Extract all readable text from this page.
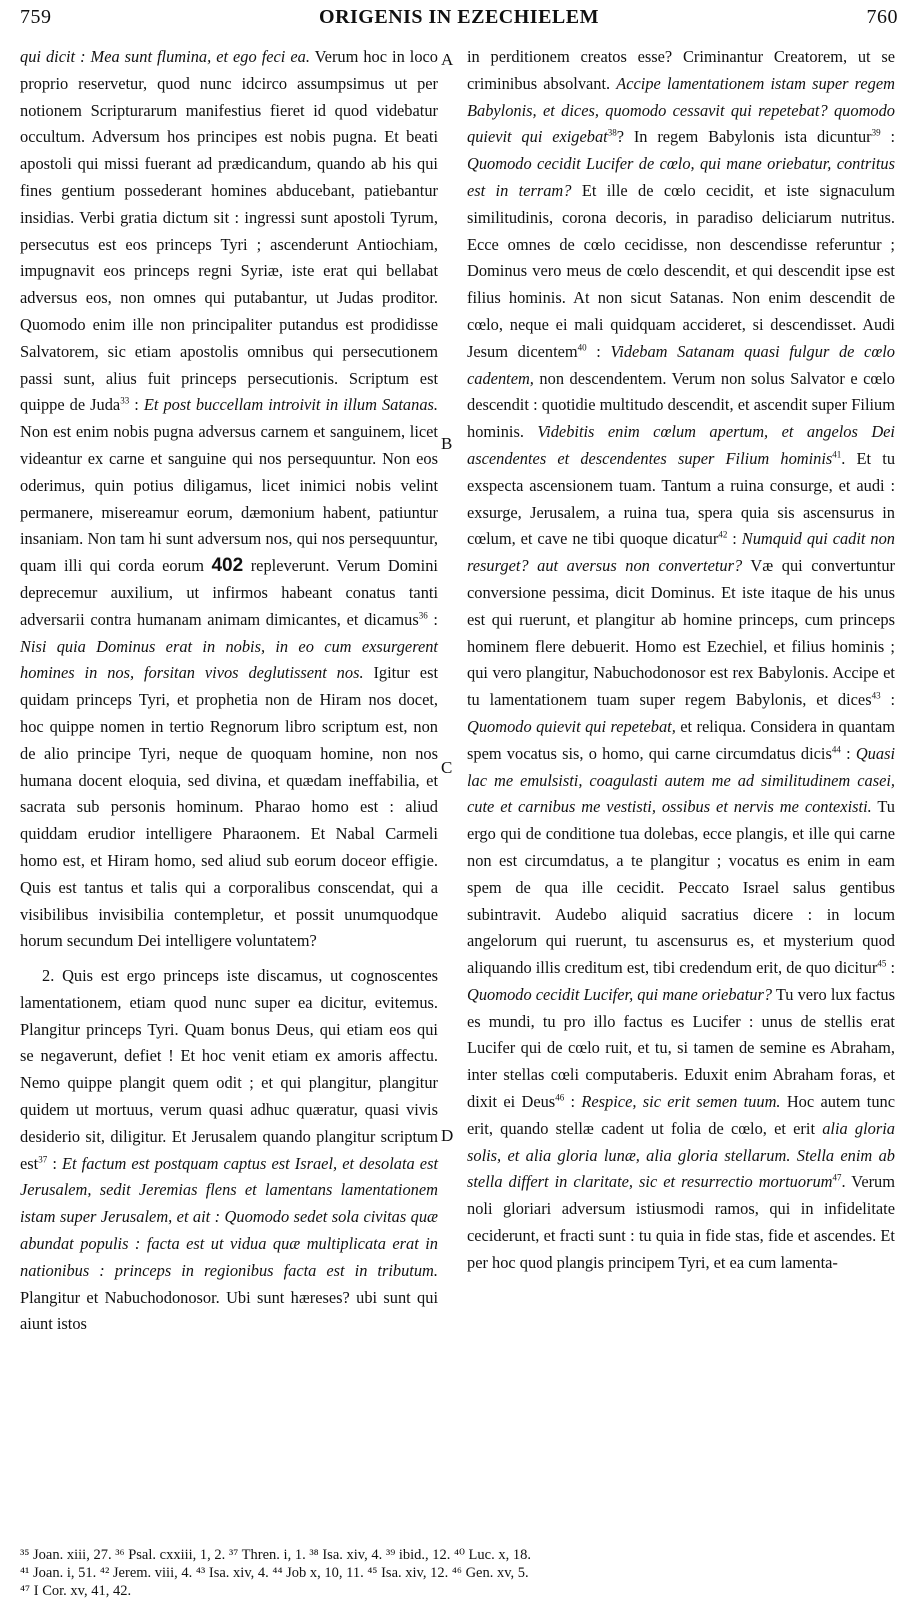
759	ORIGENIS IN EZECHIELEM	760
A
B
C
D

qui dicit : Mea sunt flumina, et ego feci ea. Verum hoc in loco proprio reservetur, quod nunc idcirco assumpsimus ut per notionem Scripturarum manifestius fieret id quod videbatur occultum. Adversum hos principes est nobis pugna. Et beati apostoli qui missi fuerant ad prædicandum, quando ab his qui fines gentium possederant homines abducebant, patiebantur insidias. Verbi gratia dictum sit : ingressi sunt apostoli Tyrum, persecutus est eos princeps Tyri ; ascenderunt Antiochiam, impugnavit eos princeps regni Syriæ, iste erat qui bellabat adversus eos, non omnes qui putabantur, ut Judas proditor. Quomodo enim ille non principaliter putandus est prodidisse Salvatorem, sic etiam apostolis omnibus qui persecutionem passi sunt, alius fuit princeps persecutionis. Scriptum est quippe de Juda$^{33}$ : Et post buccellam introivit in illum Satanas. Non est enim nobis pugna adversus carnem et sanguinem, licet videantur ex carne et sanguine qui nos persequuntur. Non eos oderimus, quin potius diligamus, licet inimici nobis velint permanere, misereamur eorum, dæmonium habent, patiuntur insaniam. Non tam hi sunt adversum nos, qui nos persequuntur, quam illi qui corda eorum 402 repleverunt. Verum Domini deprecemur auxilium, ut infirmos habeant conatus tanti adversarii contra humanam animam dimicantes, et dicamus$^{36}$ : Nisi quia Dominus erat in nobis, in eo cum exsurgerent homines in nos, forsitan vivos deglutissent nos. Igitur est quidam princeps Tyri, et prophetia non de Hiram nos docet, hoc quippe nomen in tertio Regnorum libro scriptum est, non de alio principe Tyri, neque de quoquam homine, non nos humana docent eloquia, sed divina, et quædam ineffabilia, et sacrata sub personis hominum. Pharao homo est : aliud quiddam erudior intelligere Pharaonem. Et Nabal Carmeli homo est, et Hiram homo, sed aliud sub eorum doceor effigie. Quis est tantus et talis qui a corporalibus conscendat, qui a visibilibus invisibilia contempletur, et possit unumquodque horum secundum Dei intelligere voluntatem?

2. Quis est ergo princeps iste discamus, ut cognoscentes lamentationem, etiam quod nunc super ea dicitur, evitemus. Plangitur princeps Tyri. Quam bonus Deus, qui etiam eos qui se negaverunt, defiet ! Et hoc venit etiam ex amoris affectu. Nemo quippe plangit quem odit ; et qui plangitur, plangitur quidem ut mortuus, verum quasi adhuc quæratur, quasi vivis desiderio sit, diligitur. Et Jerusalem quando plangitur scriptum est$^{37}$ : Et factum est postquam captus est Israel, et desolata est Jerusalem, sedit Jeremias flens et lamentans lamentationem istam super Jerusalem, et ait : Quomodo sedet sola civitas quæ abundat populis : facta est ut vidua quæ multiplicata erat in nationibus : princeps in regionibus facta est in tributum. Plangitur et Nabuchodonosor. Ubi sunt hæreses? ubi sunt qui aiunt istos

in perditionem creatos esse? Criminantur Creatorem, ut se criminibus absolvant. Accipe lamentationem istam super regem Babylonis, et dices, quomodo cessavit qui repetebat? quomodo quievit qui exigebat$^{38}$? In regem Babylonis ista dicuntur$^{39}$ : Quomodo cecidit Lucifer de cœlo, qui mane oriebatur, contritus est in terram? Et ille de cœlo cecidit, et iste signaculum similitudinis, corona decoris, in paradiso deliciarum nutritus. Ecce omnes de cœlo cecidisse, non descendisse referuntur ; Dominus vero meus de cœlo descendit, et qui descendit ipse est filius hominis. At non sicut Satanas. Non enim descendit de cœlo, neque ei mali quidquam accideret, si descendisset. Audi Jesum dicentem$^{40}$ : Videbam Satanam quasi fulgur de cœlo cadentem, non descendentem. Verum non solus Salvator e cœlo descendit : quotidie multitudo descendit, et ascendit super Filium hominis. Videbitis enim cœlum apertum, et angelos Dei ascendentes et descendentes super Filium hominis$^{41}$. Et tu exspecta ascensionem tuam. Tantum a ruina consurge, et audi : exsurge, Jerusalem, a ruina tua, spera quia sis ascensurus in cœlum, et cave ne tibi quoque dicatur$^{42}$ : Numquid qui cadit non resurget? aut aversus non convertetur? Væ qui convertuntur conversione pessima, dicit Dominus. Et iste itaque de his unus est qui ruerunt, et plangitur ab homine princeps, cum princeps hominem flere debuerit. Homo est Ezechiel, et filius hominis ; qui vero plangitur, Nabuchodonosor est rex Babylonis. Accipe et tu lamentationem tuam super regem Babylonis, et dices$^{43}$ : Quomodo quievit qui repetebat, et reliqua. Considera in quantam spem vocatus sis, o homo, qui carne circumdatus dicis$^{44}$ : Quasi lac me emulsisti, coagulasti autem me ad similitudinem casei, cute et carnibus me vestisti, ossibus et nervis me contexisti. Tu ergo qui de conditione tua dolebas, ecce plangis, et ille qui carne non est circumdatus, a te plangitur ; vocatus es enim in eam spem de qua ille cecidit. Peccato Israel salus gentibus subintravit. Audebo aliquid sacratius dicere : in locum angelorum qui ruerunt, tu ascensurus es, et mysterium quod aliquando illis creditum est, tibi credendum erit, de quo dicitur$^{45}$ : Quomodo cecidit Lucifer, qui mane oriebatur? Tu vero lux factus es mundi, tu pro illo factus es Lucifer : unus de stellis erat Lucifer qui de cœlo ruit, et tu, si tamen de semine es Abraham, inter stellas cœli computaberis. Eduxit enim Abraham foras, et dixit ei Deus$^{46}$ : Respice, sic erit semen tuum. Hoc autem tunc erit, quando stellæ cadent ut folia de cœlo, et erit alia gloria solis, et alia gloria lunæ, alia gloria stellarum. Stella enim ab stella differt in claritate, sic et resurrectio mortuorum$^{47}$. Verum noli gloriari adversum istiusmodi ramos, qui in infidelitate ceciderunt, et fracti sunt : tu quia in fide stas, fide et ascendes. Et per hoc quod plangis principem Tyri, et ea cum lamenta-

³⁵ Joan. xiii, 27. ³⁶ Psal. cxxiii, 1, 2. ³⁷ Thren. i, 1. ³⁸ Isa. xiv, 4. ³⁹ ibid., 12. ⁴⁰ Luc. x, 18.
⁴¹ Joan. i, 51. ⁴² Jerem. viii, 4. ⁴³ Isa. xiv, 4. ⁴⁴ Job x, 10, 11. ⁴⁵ Isa. xiv, 12. ⁴⁶ Gen. xv, 5.
⁴⁷ I Cor. xv, 41, 42.
